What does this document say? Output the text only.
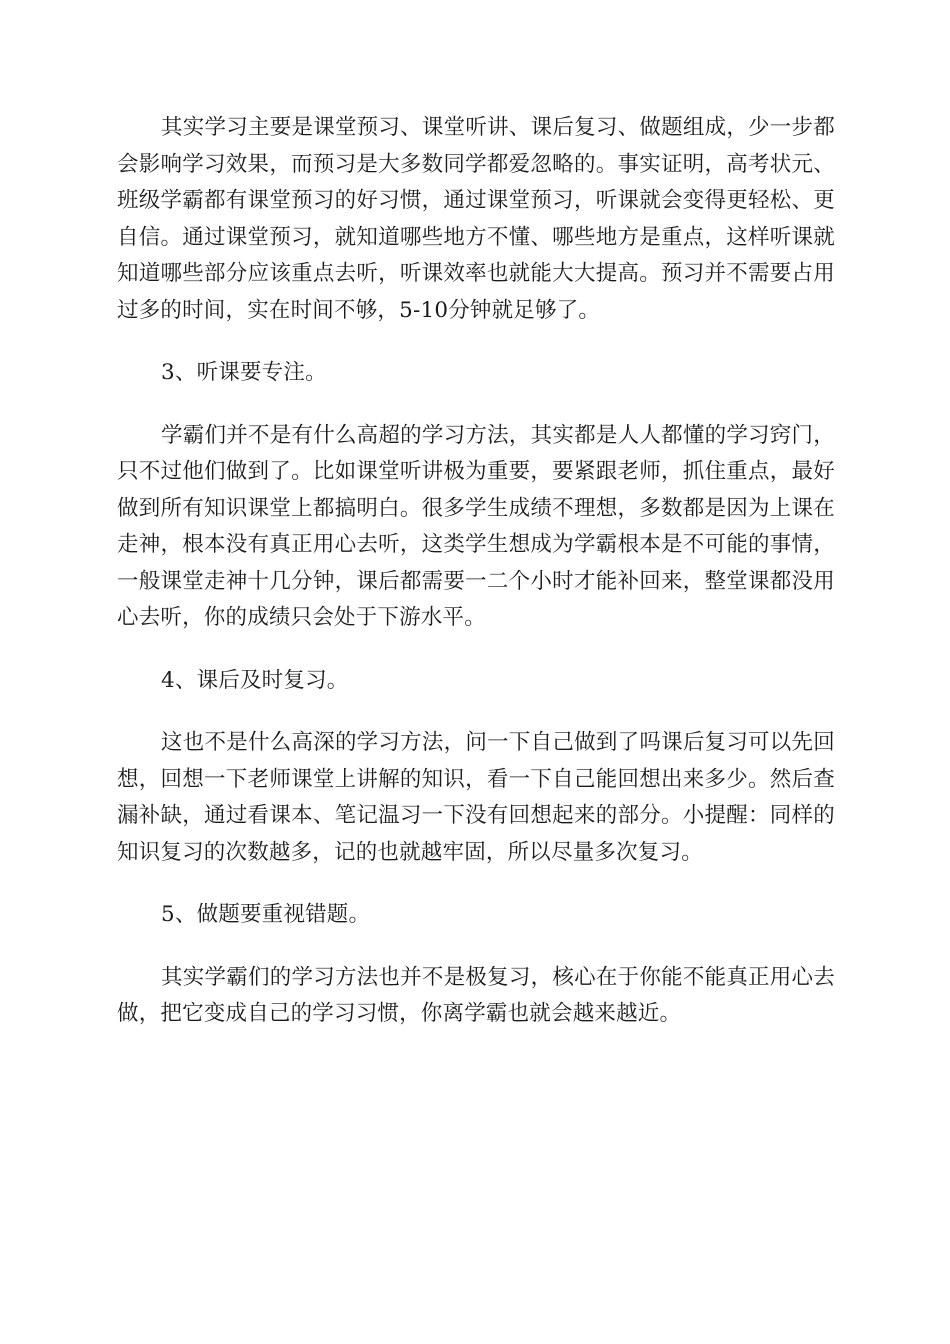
其实学习主要是课堂预习、课堂听讲、课后复习、做题组成，少一步都会影响学习效果，而预习是大多数同学都爱忽略的。事实证明，高考状元、班级学霸都有课堂预习的好习惯，通过课堂预习，听课就会变得更轻松、更自信。通过课堂预习，就知道哪些地方不懂、哪些地方是重点，这样听课就知道哪些部分应该重点去听，听课效率也就能大大提高。预习并不需要占用过多的时间，实在时间不够，5-10分钟就足够了。

3、听课要专注。

学霸们并不是有什么高超的学习方法，其实都是人人都懂的学习窍门，只不过他们做到了。比如课堂听讲极为重要，要紧跟老师，抓住重点，最好做到所有知识课堂上都搞明白。很多学生成绩不理想，多数都是因为上课在走神，根本没有真正用心去听，这类学生想成为学霸根本是不可能的事情，一般课堂走神十几分钟，课后都需要一二个小时才能补回来，整堂课都没用心去听，你的成绩只会处于下游水平。

4、课后及时复习。

这也不是什么高深的学习方法，问一下自己做到了吗课后复习可以先回想，回想一下老师课堂上讲解的知识，看一下自己能回想出来多少。然后查漏补缺，通过看课本、笔记温习一下没有回想起来的部分。小提醒：同样的知识复习的次数越多，记的也就越牢固，所以尽量多次复习。

5、做题要重视错题。

其实学霸们的学习方法也并不是极复习，核心在于你能不能真正用心去做，把它变成自己的学习习惯，你离学霸也就会越来越近。
